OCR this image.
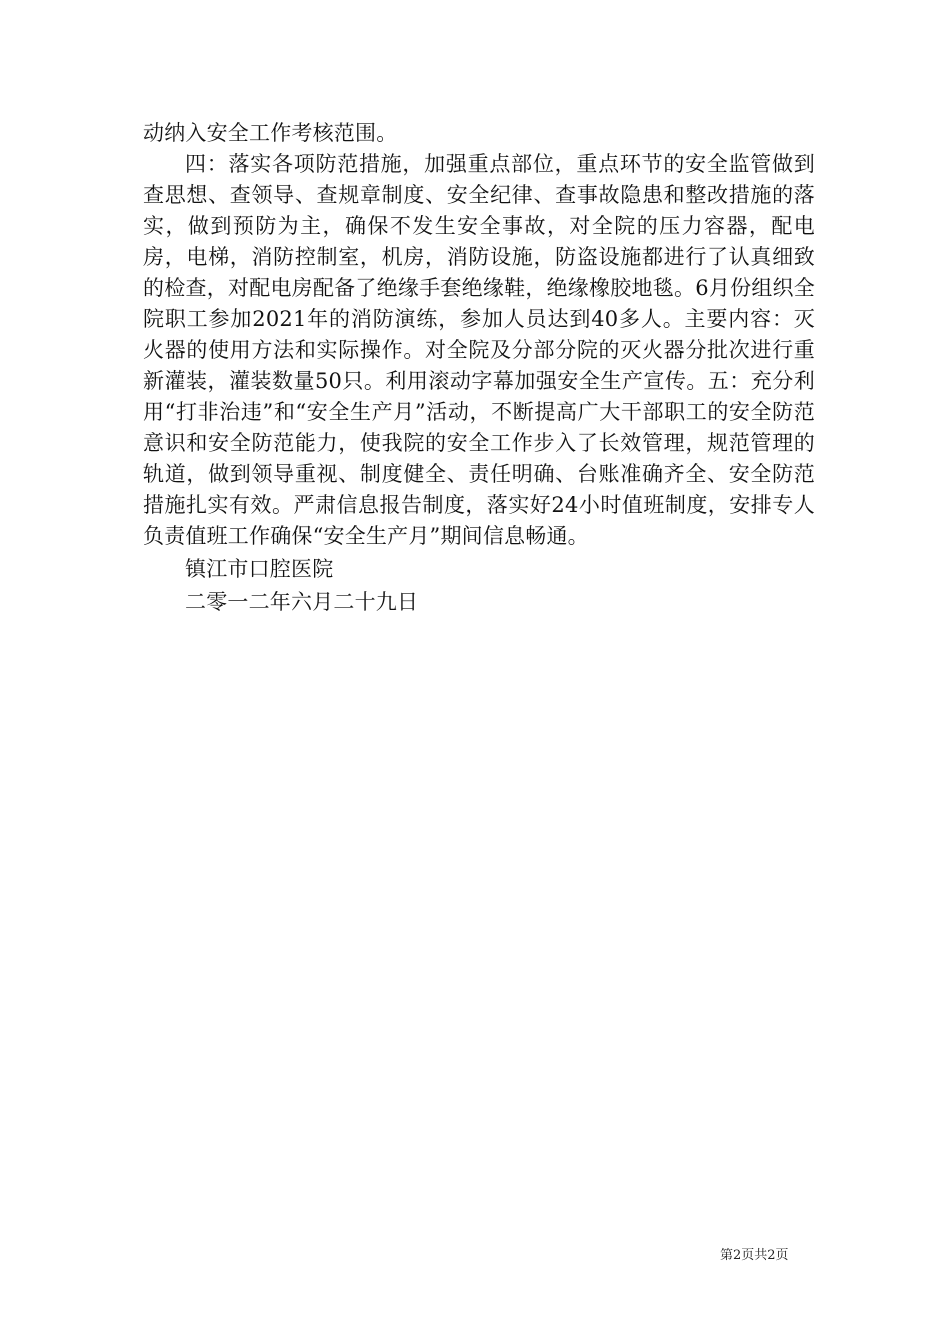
动纳入安全工作考核范围。

四：落实各项防范措施，加强重点部位，重点环节的安全监管做到查思想、查领导、查规章制度、安全纪律、查事故隐患和整改措施的落实，做到预防为主，确保不发生安全事故，对全院的压力容器，配电房，电梯，消防控制室，机房，消防设施，防盗设施都进行了认真细致的检查，对配电房配备了绝缘手套绝缘鞋，绝缘橡胶地毯。6月份组织全院职工参加2021年的消防演练，参加人员达到40多人。主要内容：灭火器的使用方法和实际操作。对全院及分部分院的灭火器分批次进行重新灌装，灌装数量50只。利用滚动字幕加强安全生产宣传。五：充分利用“打非治违”和“安全生产月”活动，不断提高广大干部职工的安全防范意识和安全防范能力，使我院的安全工作步入了长效管理，规范管理的轨道，做到领导重视、制度健全、责任明确、台账准确齐全、安全防范措施扎实有效。严肃信息报告制度，落实好24小时值班制度，安排专人负责值班工作确保“安全生产月”期间信息畅通。

镇江市口腔医院

二零一二年六月二十九日

第2页共2页
